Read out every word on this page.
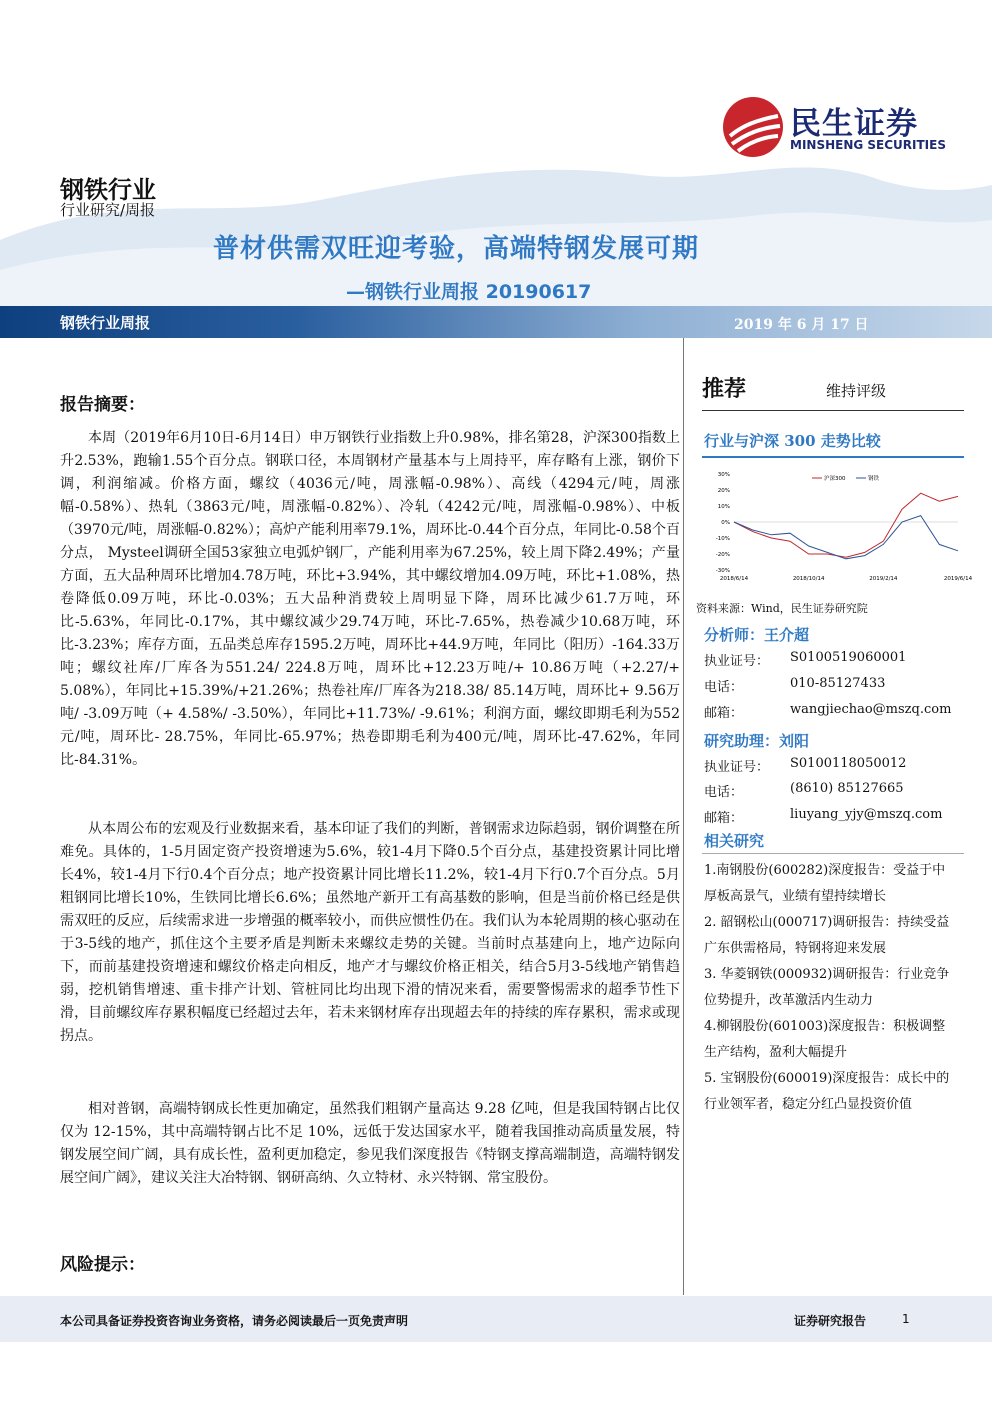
民生证券
MINSHENG SECURITIES
钢铁行业
行业研究/周报
普材供需双旺迎考验，高端特钢发展可期
—钢铁行业周报 20190617
钢铁行业周报	2019 年 6 月 17 日
报告摘要：

本周（2019年6月10日-6月14日）申万钢铁行业指数上升0.98%，排名第28，沪深300指数上升2.53%，跑输1.55个百分点。钢联口径，本周钢材产量基本与上周持平，库存略有上涨，钢价下调，利润缩减。价格方面，螺纹（4036元/吨，周涨幅-0.98%）、高线（4294元/吨，周涨幅-0.58%）、热轧（3863元/吨，周涨幅-0.82%）、冷轧（4242元/吨，周涨幅-0.98%）、中板（3970元/吨，周涨幅-0.82%）；高炉产能利用率79.1%，周环比-0.44个百分点，年同比-0.58个百分点， Mysteel调研全国53家独立电弧炉钢厂，产能利用率为67.25%，较上周下降2.49%；产量方面，五大品种周环比增加4.78万吨，环比+3.94%，其中螺纹增加4.09万吨，环比+1.08%，热卷降低0.09万吨，环比-0.03%；五大品种消费较上周明显下降，周环比减少61.7万吨，环比-5.63%，年同比-0.17%，其中螺纹减少29.74万吨，环比-7.65%，热卷减少10.68万吨，环比-3.23%；库存方面，五品类总库存1595.2万吨，周环比+44.9万吨，年同比（阳历）-164.33万吨；螺纹社库/厂库各为551.24/ 224.8万吨，周环比+12.23万吨/+ 10.86万吨（+2.27/+ 5.08%），年同比+15.39%/+21.26%；热卷社库/厂库各为218.38/ 85.14万吨，周环比+ 9.56万吨/ -3.09万吨（+ 4.58%/ -3.50%），年同比+11.73%/ -9.61%；利润方面，螺纹即期毛利为552元/吨，周环比- 28.75%，年同比-65.97%；热卷即期毛利为400元/吨，周环比-47.62%，年同比-84.31%。

从本周公布的宏观及行业数据来看，基本印证了我们的判断，普钢需求边际趋弱，钢价调整在所难免。具体的，1-5月固定资产投资增速为5.6%，较1-4月下降0.5个百分点，基建投资累计同比增长4%，较1-4月下行0.4个百分点；地产投资累计同比增长11.2%，较1-4月下行0.7个百分点。5月粗钢同比增长10%，生铁同比增长6.6%；虽然地产新开工有高基数的影响，但是当前价格已经是供需双旺的反应，后续需求进一步增强的概率较小，而供应惯性仍在。我们认为本轮周期的核心驱动在于3-5线的地产，抓住这个主要矛盾是判断未来螺纹走势的关键。当前时点基建向上，地产边际向下，而前基建投资增速和螺纹价格走向相反，地产才与螺纹价格正相关，结合5月3-5线地产销售趋弱，挖机销售增速、重卡排产计划、管桩同比均出现下滑的情况来看，需要警惕需求的超季节性下滑，目前螺纹库存累积幅度已经超过去年，若未来钢材库存出现超去年的持续的库存累积，需求或现拐点。

相对普钢，高端特钢成长性更加确定，虽然我们粗钢产量高达 9.28 亿吨，但是我国特钢占比仅仅为 12-15%，其中高端特钢占比不足 10%，远低于发达国家水平，随着我国推动高质量发展，特钢发展空间广阔，具有成长性，盈利更加稳定，参见我们深度报告《特钢支撑高端制造，高端特钢发展空间广阔》，建议关注大冶特钢、钢研高纳、久立特材、永兴特钢、常宝股份。

风险提示：
推荐	维持评级
行业与沪深 300 走势比较
30%
20%
10%
0%
-10%
-20%
-30%
2018/6/14	2018/10/14	2019/2/14	2019/6/14
沪深300	钢铁
资料来源：Wind，民生证券研究院
分析师：王介超
执业证号： S0100519060001
电话：	010-85127433
邮箱：	wangjiechao@mszq.com
研究助理：刘阳
执业证号： S0100118050012
电话：	(8610) 85127665
邮箱：	liuyang_yjy@mszq.com
相关研究
1.南钢股份(600282)深度报告：受益于中厚板高景气，业绩有望持续增长
2. 韶钢松山(000717)调研报告：持续受益广东供需格局，特钢将迎来发展
3. 华菱钢铁(000932)调研报告：行业竞争位势提升，改革激活内生动力
4.柳钢股份(601003)深度报告：积极调整生产结构，盈利大幅提升
5. 宝钢股份(600019)深度报告：成长中的行业领军者，稳定分红凸显投资价值
本公司具备证券投资咨询业务资格，请务必阅读最后一页免责声明	证券研究报告	1
